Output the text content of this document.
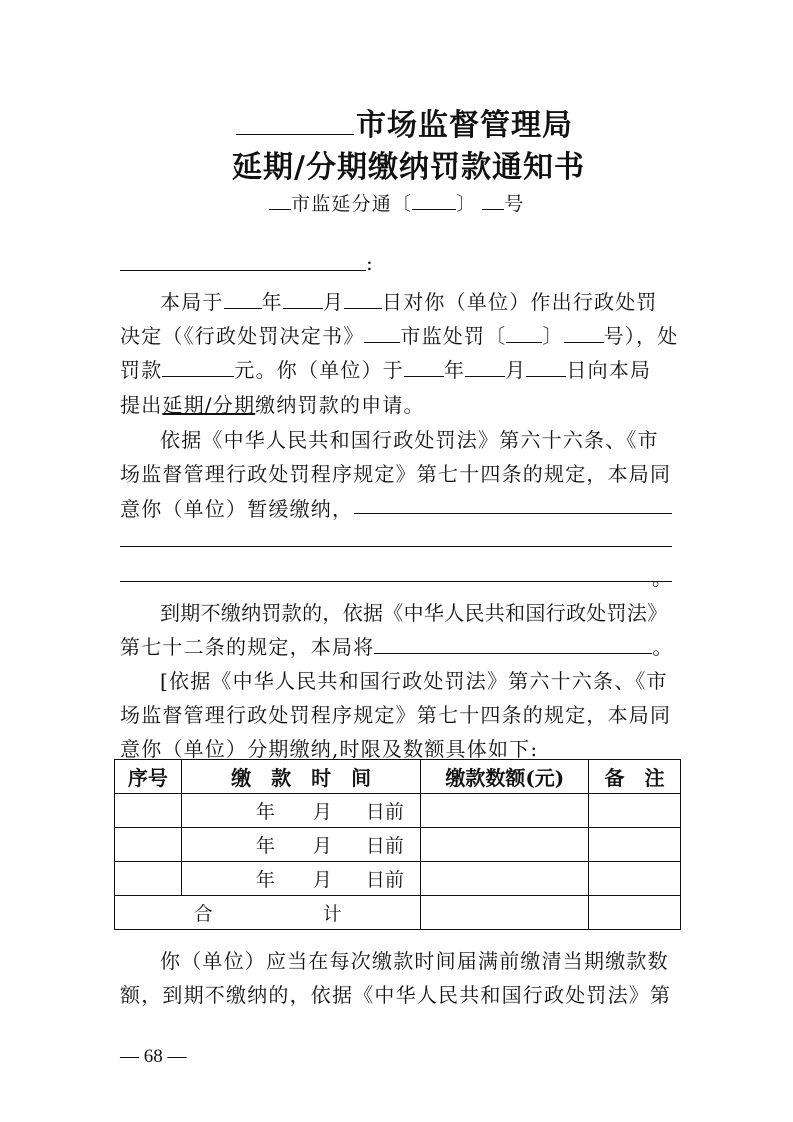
市场监督管理局
延期/分期缴纳罚款通知书
市监延分通〔 〕 号
:
本局于 年 月 日对你（单位）作出行政处罚
决定（《行政处罚决定书》 市监处罚〔 〕 号），处
罚款	元。你（单位）于 年 月 日向本局
提出延期/分期缴纳罚款的申请。
依据《中华人民共和国行政处罚法》第六十六条、《市
场监督管理行政处罚程序规定》第七十四条的规定，本局同
意你（单位）暂缓缴纳，
。
到期不缴纳罚款的，依据《中华人民共和国行政处罚法》
第七十二条的规定，本局将	。
[依据《中华人民共和国行政处罚法》第六十六条、《市
场监督管理行政处罚程序规定》第七十四条的规定，本局同
意你（单位）分期缴纳,时限及数额具体如下:
序号	缴　款　时　间	缴款数额(元)	备　注
	年 月 日前		
	年 月 日前		
	年 月 日前		
合 计			
你（单位）应当在每次缴款时间届满前缴清当期缴款数
额，到期不缴纳的，依据《中华人民共和国行政处罚法》第
— 68 —
